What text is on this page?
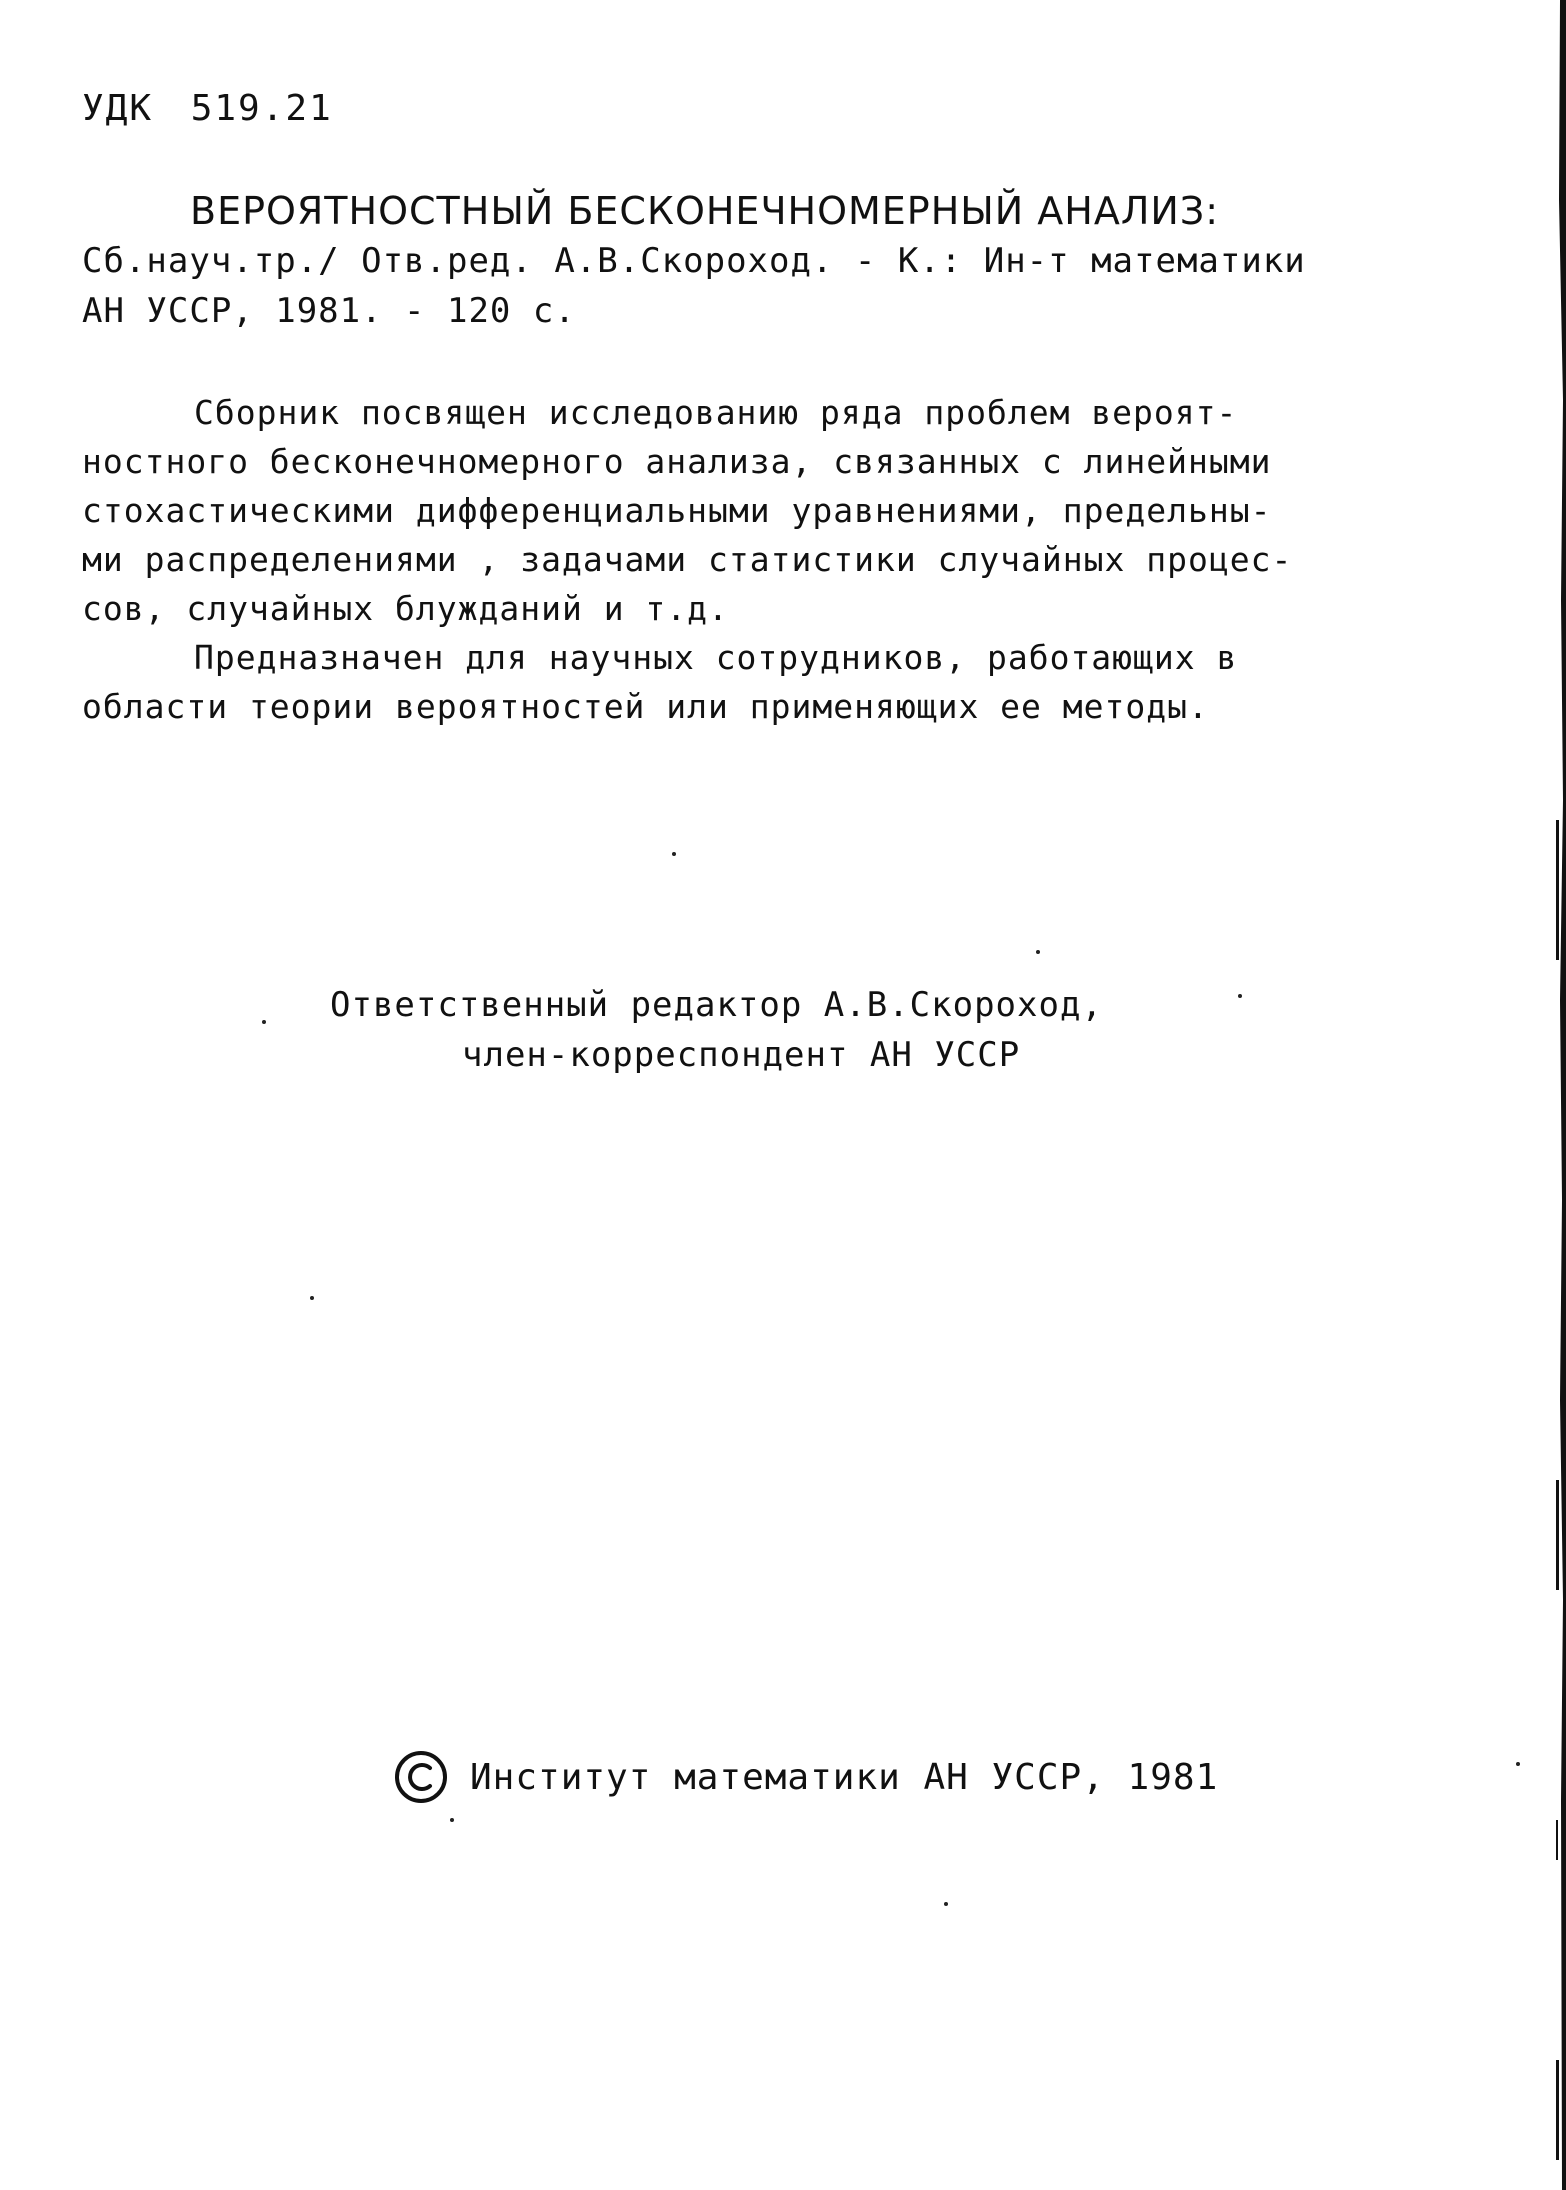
УДК 519.21
ВЕРОЯТНОСТНЫЙ БЕСКОНЕЧНОМЕРНЫЙ АНАЛИЗ:
Сб.науч.тр./ Отв.ред. А.В.Скороход. - К.: Ин-т математики
АН УССР, 1981. - 120 с.
Сборник посвящен исследованию ряда проблем вероят-
ностного бесконечномерного анализа, связанных с линейными
стохастическими дифференциальными уравнениями, предельны-
ми распределениями , задачами статистики случайных процес-
сов, случайных блужданий и т.д.
Предназначен для научных сотрудников, работающих в
области теории вероятностей или применяющих ее методы.
Ответственный редактор А.В.Скороход,
член-корреспондент АН УССР
Институт математики АН УССР, 1981
